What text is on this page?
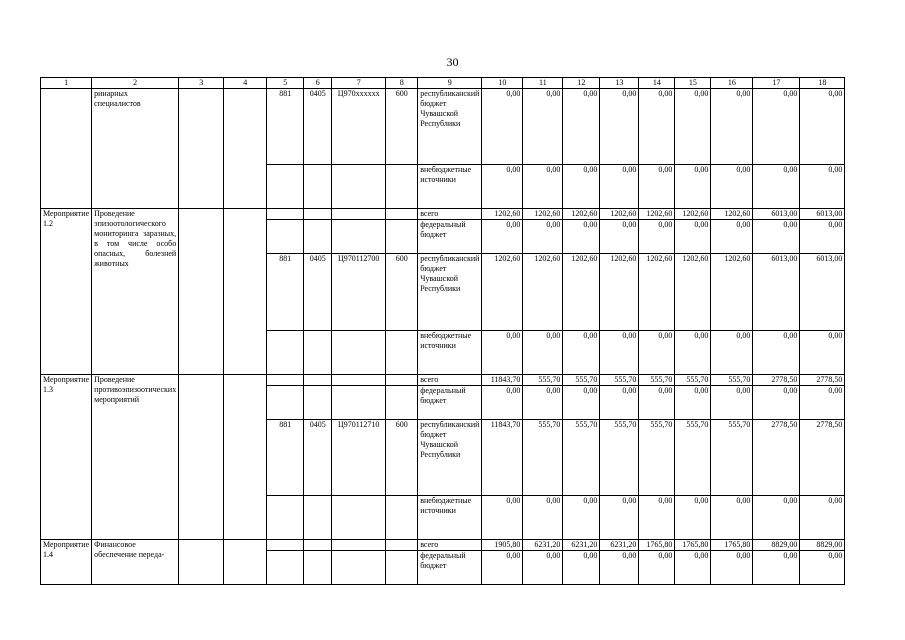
30
1	2	3	4	5	6	7	8	9	10	11	12	13	14	15	16	17	18
	ринарных специалистов			881	0405	Ц970xxxxxx	600	республиканский бюджет Чувашской Республики	0,00	0,00	0,00	0,00	0,00	0,00	0,00	0,00	0,00
								внебюджетные источники	0,00	0,00	0,00	0,00	0,00	0,00	0,00	0,00	0,00
Мероприятие 1.2	Проведение эпизоотологического мониторинга заразных, в том числе особо опасных, болезней животных							всего	1202,60	1202,60	1202,60	1202,60	1202,60	1202,60	1202,60	6013,00	6013,00
								федеральный бюджет	0,00	0,00	0,00	0,00	0,00	0,00	0,00	0,00	0,00
				881	0405	Ц970112700	600	республиканский бюджет Чувашской Республики	1202,60	1202,60	1202,60	1202,60	1202,60	1202,60	1202,60	6013,00	6013,00
								внебюджетные источники	0,00	0,00	0,00	0,00	0,00	0,00	0,00	0,00	0,00
Мероприятие 1.3	Проведение противоэпизоотических мероприятий							всего	11843,70	555,70	555,70	555,70	555,70	555,70	555,70	2778,50	2778,50
								федеральный бюджет	0,00	0,00	0,00	0,00	0,00	0,00	0,00	0,00	0,00
				881	0405	Ц970112710	600	республиканский бюджет Чувашской Республики	11843,70	555,70	555,70	555,70	555,70	555,70	555,70	2778,50	2778,50
								внебюджетные источники	0,00	0,00	0,00	0,00	0,00	0,00	0,00	0,00	0,00
Мероприятие 1.4	Финансовое обеспечение переда-							всего	1905,80	6231,20	6231,20	6231,20	1765,80	1765,80	1765,80	8829,00	8829,00
								федеральный бюджет	0,00	0,00	0,00	0,00	0,00	0,00	0,00	0,00	0,00
